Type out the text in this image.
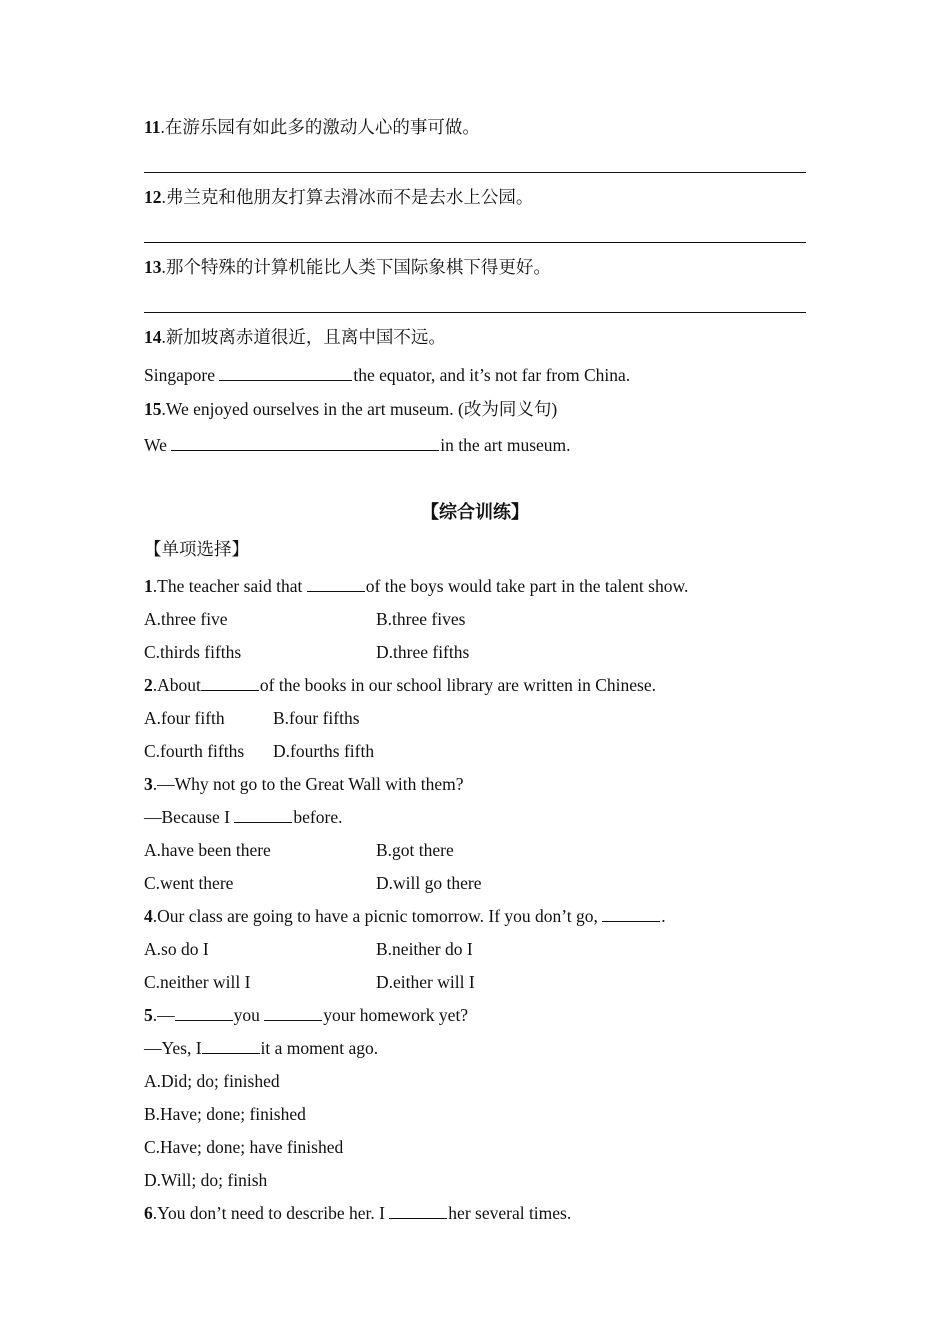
11.在游乐园有如此多的激动人心的事可做。
12.弗兰克和他朋友打算去滑冰而不是去水上公园。
13.那个特殊的计算机能比人类下国际象棋下得更好。
14.新加坡离赤道很近，且离中国不远。
Singapore	the equator, and it’s not far from China.
15.We enjoyed ourselves in the art museum. (改为同义句)
We	in the art museum.
【综合训练】
【单项选择】
1.The teacher said that	of the boys would take part in the talent show.
A.three five	B.three fives
C.thirds fifths	D.three fifths
2.About	of the books in our school library are written in Chinese.
A.four fifth	B.four fifths
C.fourth fifths D.fourths fifth
3.—Why not go to the Great Wall with them?
—Because I	before.
A.have been there	B.got there
C.went there	D.will go there
4.Our class are going to have a picnic tomorrow. If you don’t go,	.
A.so do I	B.neither do I
C.neither will I	D.either will I
5.—	you	your homework yet?
—Yes, I	it a moment ago.
A.Did; do; finished
B.Have; done; finished
C.Have; done; have finished
D.Will; do; finish
6.You don’t need to describe her. I	her several times.
